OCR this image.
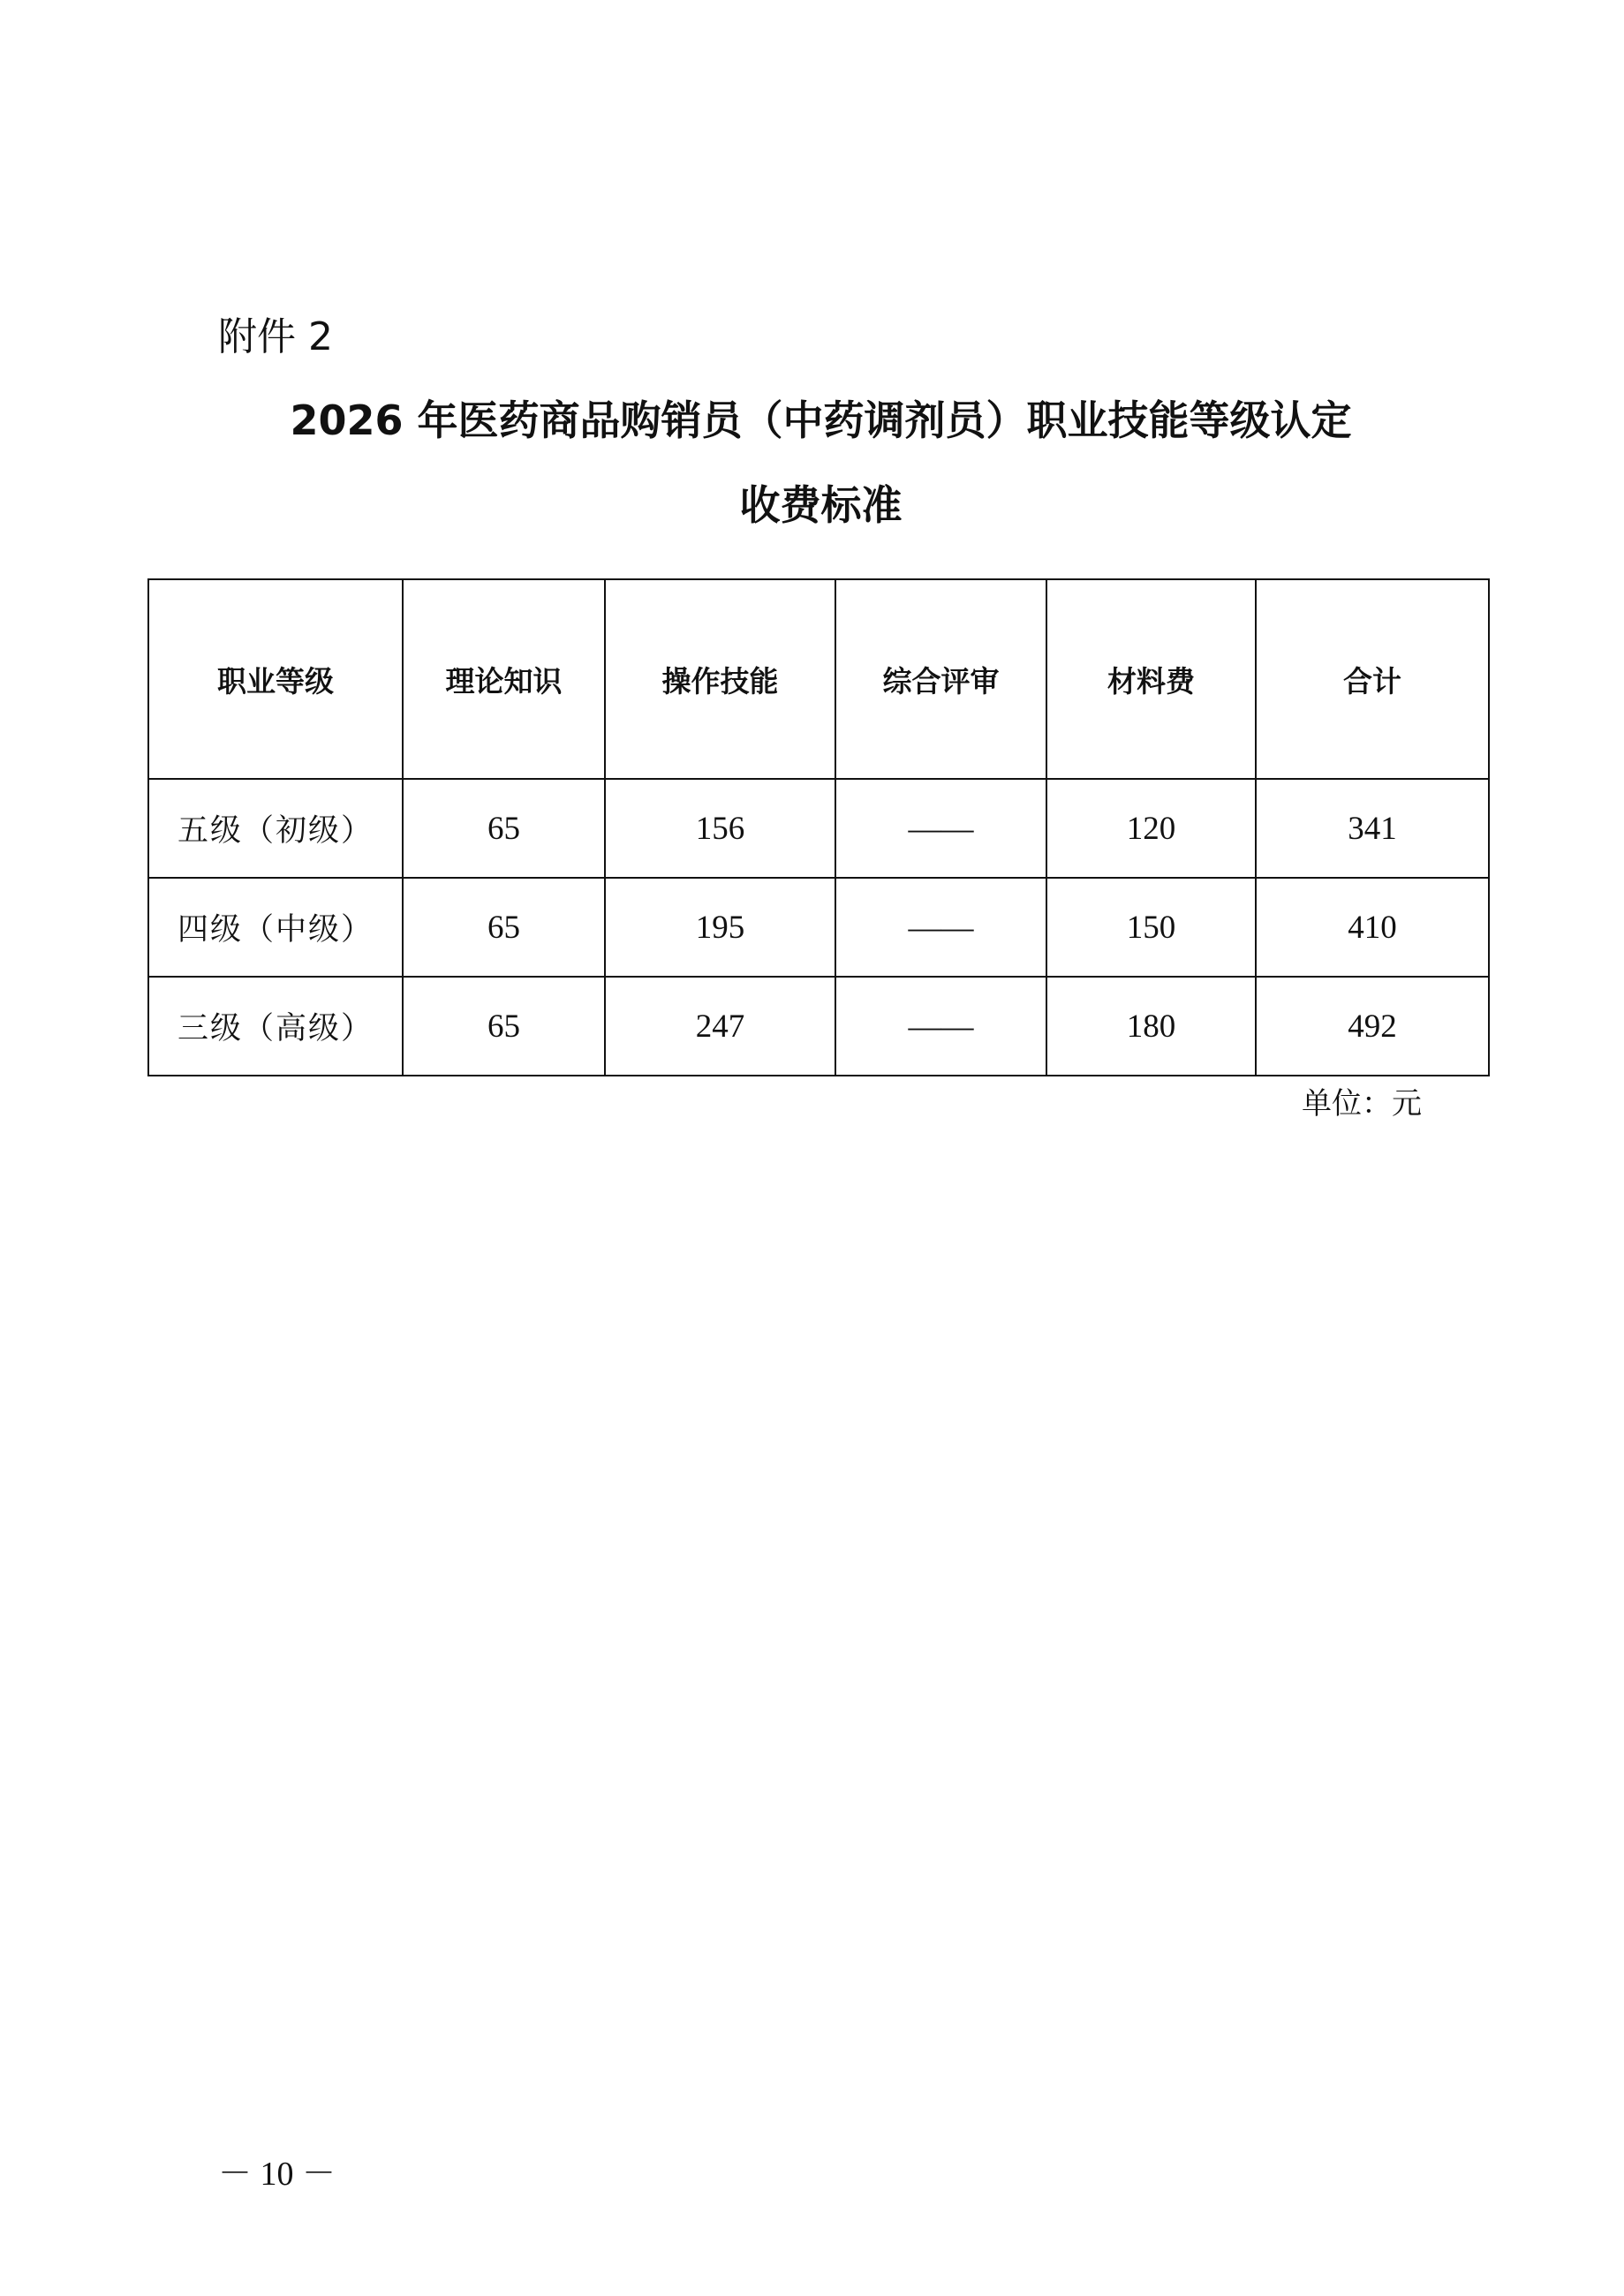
附件 2
2026 年医药商品购销员（中药调剂员）职业技能等级认定
收费标准
职业等级	理论知识	操作技能	综合评审	材料费	合计
五级（初级）	65	156	——	120	341
四级（中级）	65	195	——	150	410
三级（高级）	65	247	——	180	492
单位：元
－ 10 －
